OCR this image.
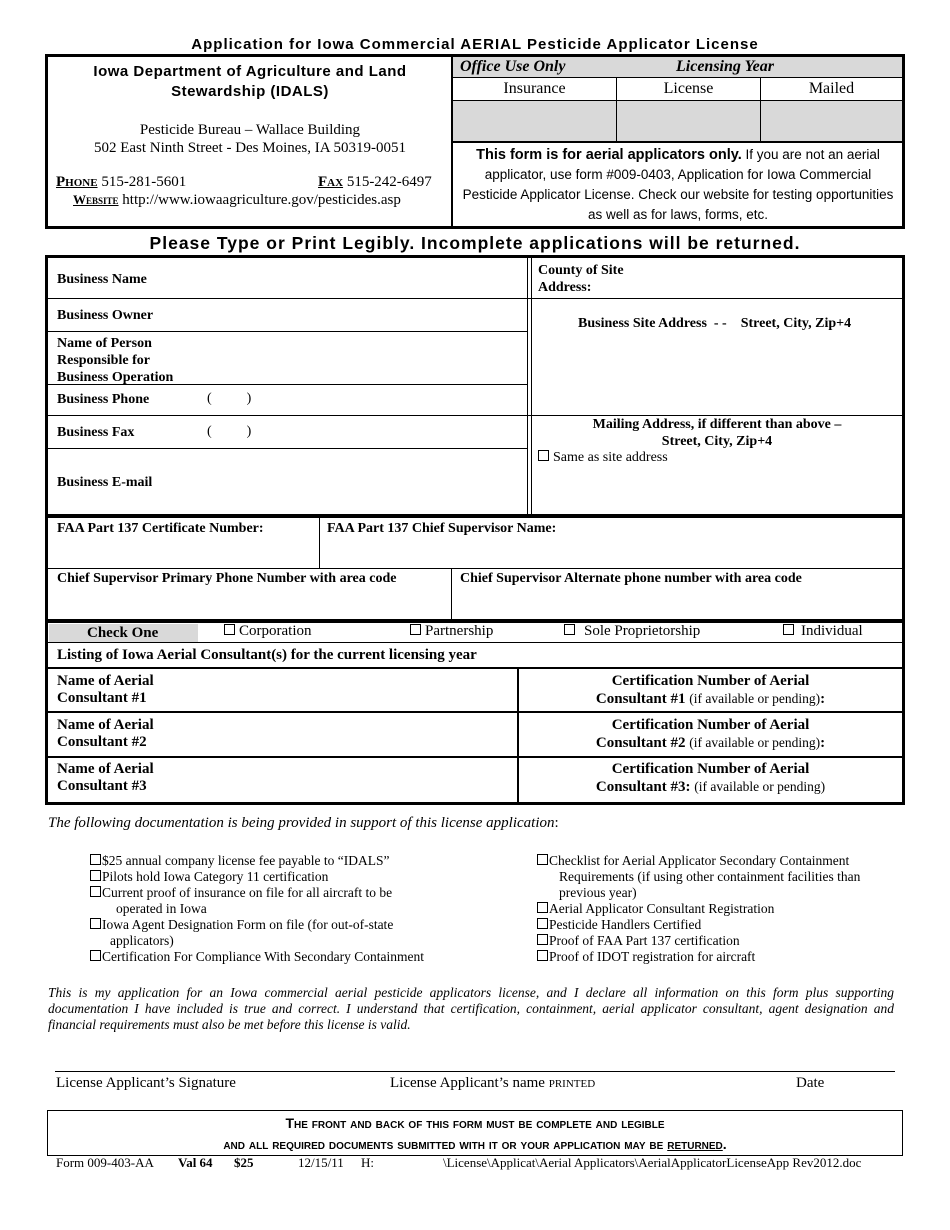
Application for Iowa Commercial AERIAL Pesticide Applicator License
Iowa Department of Agriculture and Land
Stewardship (IDALS)
Pesticide Bureau – Wallace Building
502 East Ninth Street - Des Moines, IA 50319-0051
Phone 515-281-5601	Fax 515-242-6497
Website http://www.iowaagriculture.gov/pesticides.asp
Office Use Only	Licensing Year
Insurance	License	Mailed
This form is for aerial applicators only. If you are not an aerial applicator, use form #009-0403, Application for Iowa Commercial Pesticide Applicator License. Check our website for testing opportunities as well as for laws, forms, etc.
Please Type or Print Legibly. Incomplete applications will be returned.
Business Name
Business Owner
Name of Person
Responsible for
Business Operation
Business Phone	(          )
Business Fax	(          )
Business E-mail
County of Site
Address:
Business Site Address  - -    Street, City, Zip+4
Mailing Address, if different than above –
Street, City, Zip+4
Same as site address
FAA Part 137 Certificate Number:	FAA Part 137 Chief Supervisor Name:
Chief Supervisor Primary Phone Number with area code	Chief Supervisor Alternate phone number with area code
Check One	Corporation	Partnership	Sole Proprietorship	Individual
Listing of Iowa Aerial Consultant(s) for the current licensing year
Name of Aerial
Consultant #1
Certification Number of Aerial
Consultant #1 (if available or pending):
Name of Aerial
Consultant #2
Certification Number of Aerial
Consultant #2 (if available or pending):
Name of Aerial
Consultant #3
Certification Number of Aerial
Consultant #3: (if available or pending)
The following documentation is being provided in support of this license application:
$25 annual company license fee payable to “IDALS”
Pilots hold Iowa Category 11 certification
Current proof of insurance on file for all aircraft to be operated in Iowa
Iowa Agent Designation Form on file (for out-of-state applicators)
Certification For Compliance With Secondary Containment
Checklist for Aerial Applicator Secondary Containment Requirements (if using other containment facilities than previous year)
Aerial Applicator Consultant Registration
Pesticide Handlers Certified
Proof of FAA Part 137 certification
Proof of IDOT registration for aircraft
This is my application for an Iowa commercial aerial pesticide applicators license, and I declare all information on this form plus supporting documentation I have included is true and correct. I understand that certification, containment, aerial applicator consultant, agent designation and financial requirements must also be met before this license is valid.
License Applicant’s Signature	License Applicant’s name printed	Date
The front and back of this form must be complete and legible
and all required documents submitted with it or your application may be returned.
Form 009-403-AA Val 64 $25	12/15/11 H:	\License\Applicat\Aerial Applicators\AerialApplicatorLicenseApp Rev2012.doc
